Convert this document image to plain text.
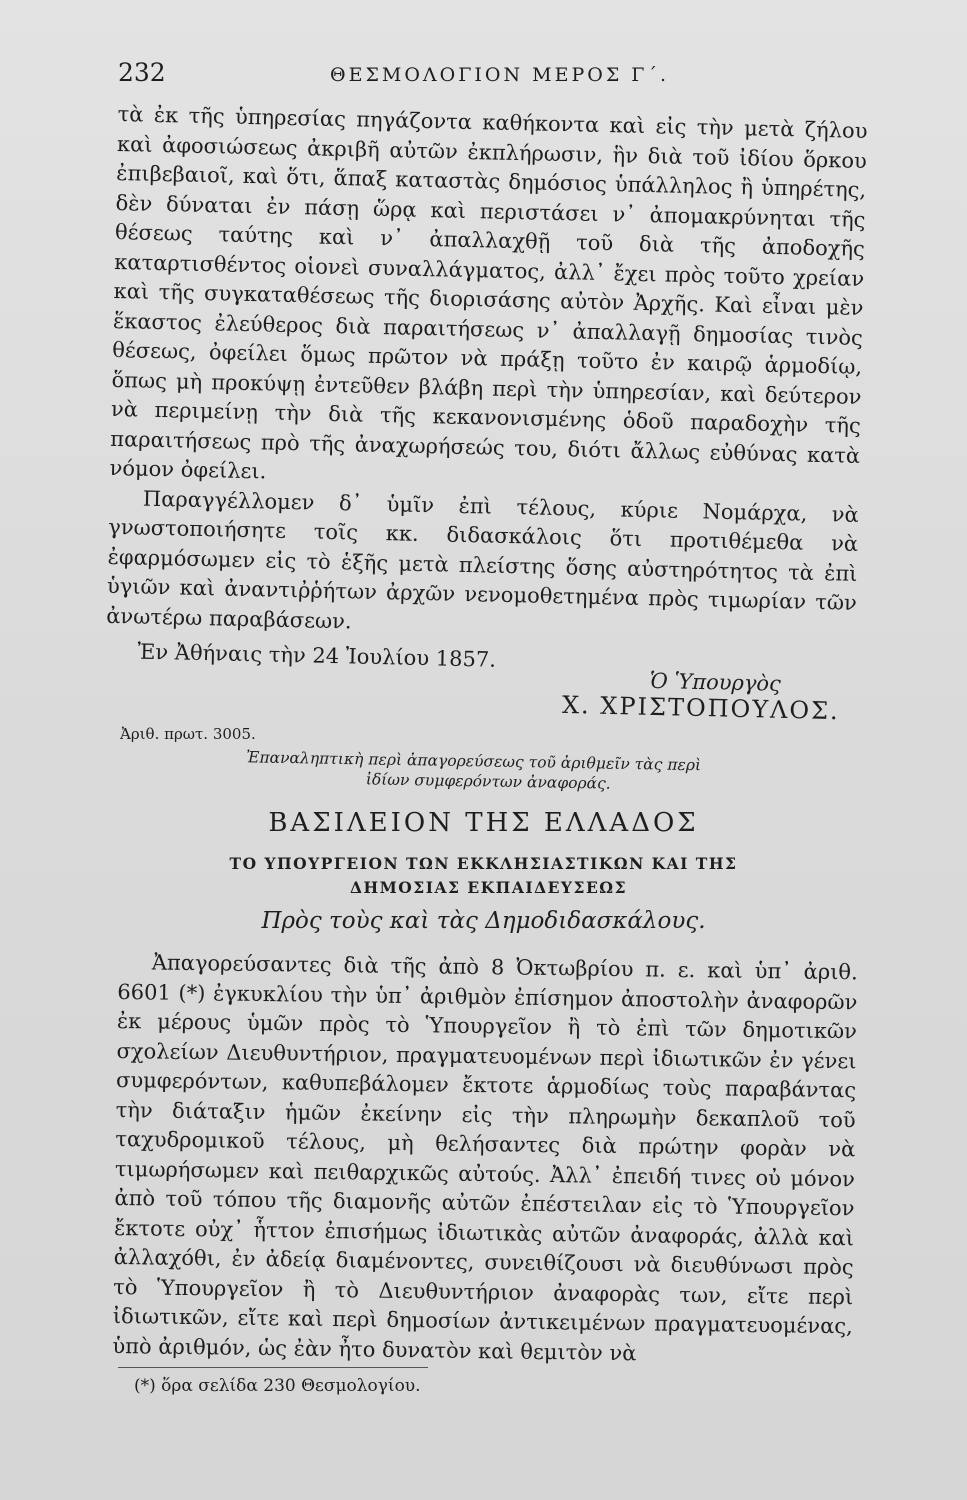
232	ΘΕΣΜΟΛΟΓΙΟΝ ΜΕΡΟΣ Γ΄.

τὰ ἐκ τῆς ὑπηρεσίας πηγάζοντα καθήκοντα καὶ εἰς τὴν μετὰ ζήλου καὶ ἀφοσιώσεως ἀκριβῆ αὐτῶν ἐκπλήρωσιν, ἣν διὰ τοῦ ἰδίου ὅρκου ἐπιβεβαιοῖ, καὶ ὅτι, ἅπαξ καταστὰς δημόσιος ὑπάλληλος ἢ ὑπηρέτης, δὲν δύναται ἐν πάσῃ ὥρᾳ καὶ περιστάσει ν᾽ ἀπομακρύνηται τῆς θέσεως ταύτης καὶ ν᾽ ἀπαλλαχθῇ τοῦ διὰ τῆς ἀποδοχῆς καταρτισθέντος οἱονεὶ συναλλάγματος, ἀλλ᾽ ἔχει πρὸς τοῦτο χρείαν καὶ τῆς συγκαταθέσεως τῆς διορισάσης αὐτὸν Ἀρχῆς. Καὶ εἶναι μὲν ἕκαστος ἐλεύθερος διὰ παραιτήσεως ν᾽ ἀπαλλαγῇ δημοσίας τινὸς θέσεως, ὀφείλει ὅμως πρῶτον νὰ πράξῃ τοῦτο ἐν καιρῷ ἁρμοδίῳ, ὅπως μὴ προκύψῃ ἐντεῦθεν βλάβη περὶ τὴν ὑπηρεσίαν, καὶ δεύτερον νὰ περιμείνῃ τὴν διὰ τῆς κεκανονισμένης ὁδοῦ παραδοχὴν τῆς παραιτήσεως πρὸ τῆς ἀναχωρήσεώς του, διότι ἄλλως εὐθύνας κατὰ νόμον ὀφείλει.

Παραγγέλλομεν δ᾽ ὑμῖν ἐπὶ τέλους, κύριε Νομάρχα, νὰ γνωστοποιήσητε τοῖς κκ. διδασκάλοις ὅτι προτιθέμεθα νὰ ἐφαρμόσωμεν εἰς τὸ ἑξῆς μετὰ πλείστης ὅσης αὐστηρότητος τὰ ἐπὶ ὑγιῶν καὶ ἀναντιῤῥήτων ἀρχῶν νενομοθετημένα πρὸς τιμωρίαν τῶν ἀνωτέρω παραβάσεων.

Ἐν Ἀθήναις τὴν 24 Ἰουλίου 1857.

Ὁ Ὑπουργὸς
Χ. ΧΡΙΣΤΟΠΟΥΛΟΣ.
Ἀριθ. πρωτ. 3005.
Ἐπαναληπτικὴ περὶ ἀπαγορεύσεως τοῦ ἀριθμεῖν τὰς περὶ
ἰδίων συμφερόντων ἀναφοράς.
ΒΑΣΙΛΕΙΟΝ ΤΗΣ ΕΛΛΑΔΟΣ
ΤΟ ΥΠΟΥΡΓΕΙΟΝ ΤΩΝ ΕΚΚΛΗΣΙΑΣΤΙΚΩΝ ΚΑΙ ΤΗΣ
ΔΗΜΟΣΙΑΣ ΕΚΠΑΙΔΕΥΣΕΩΣ
Πρὸς τοὺς καὶ τὰς Δημοδιδασκάλους.

Ἀπαγορεύσαντες διὰ τῆς ἀπὸ 8 Ὀκτωβρίου π. ε. καὶ ὑπ᾽ ἀριθ. 6601 (*) ἐγκυκλίου τὴν ὑπ᾽ ἀριθμὸν ἐπίσημον ἀποστολὴν ἀναφορῶν ἐκ μέρους ὑμῶν πρὸς τὸ Ὑπουργεῖον ἢ τὸ ἐπὶ τῶν δημοτικῶν σχολείων Διευθυντήριον, πραγματευομένων περὶ ἰδιωτικῶν ἐν γένει συμφερόντων, καθυπεβάλομεν ἔκτοτε ἁρμοδίως τοὺς παραβάντας τὴν διάταξιν ἡμῶν ἐκείνην εἰς τὴν πληρωμὴν δεκαπλοῦ τοῦ ταχυδρομικοῦ τέλους, μὴ θελήσαντες διὰ πρώτην φορὰν νὰ τιμωρήσωμεν καὶ πειθαρχικῶς αὐτούς. Ἀλλ᾽ ἐπειδή τινες οὐ μόνον ἀπὸ τοῦ τόπου τῆς διαμονῆς αὐτῶν ἐπέστειλαν εἰς τὸ Ὑπουργεῖον ἔκτοτε οὐχ᾽ ἧττον ἐπισήμως ἰδιωτικὰς αὐτῶν ἀναφοράς, ἀλλὰ καὶ ἀλλαχόθι, ἐν ἀδείᾳ διαμένοντες, συνειθίζουσι νὰ διευθύνωσι πρὸς τὸ Ὑπουργεῖον ἢ τὸ Διευθυντήριον ἀναφορὰς των, εἴτε περὶ ἰδιωτικῶν, εἴτε καὶ περὶ δημοσίων ἀντικειμένων πραγματευομένας, ὑπὸ ἀριθμόν, ὡς ἐὰν ἦτο δυνατὸν καὶ θεμιτὸν νὰ

(*) ὅρα σελίδα 230 Θεσμολογίου.
